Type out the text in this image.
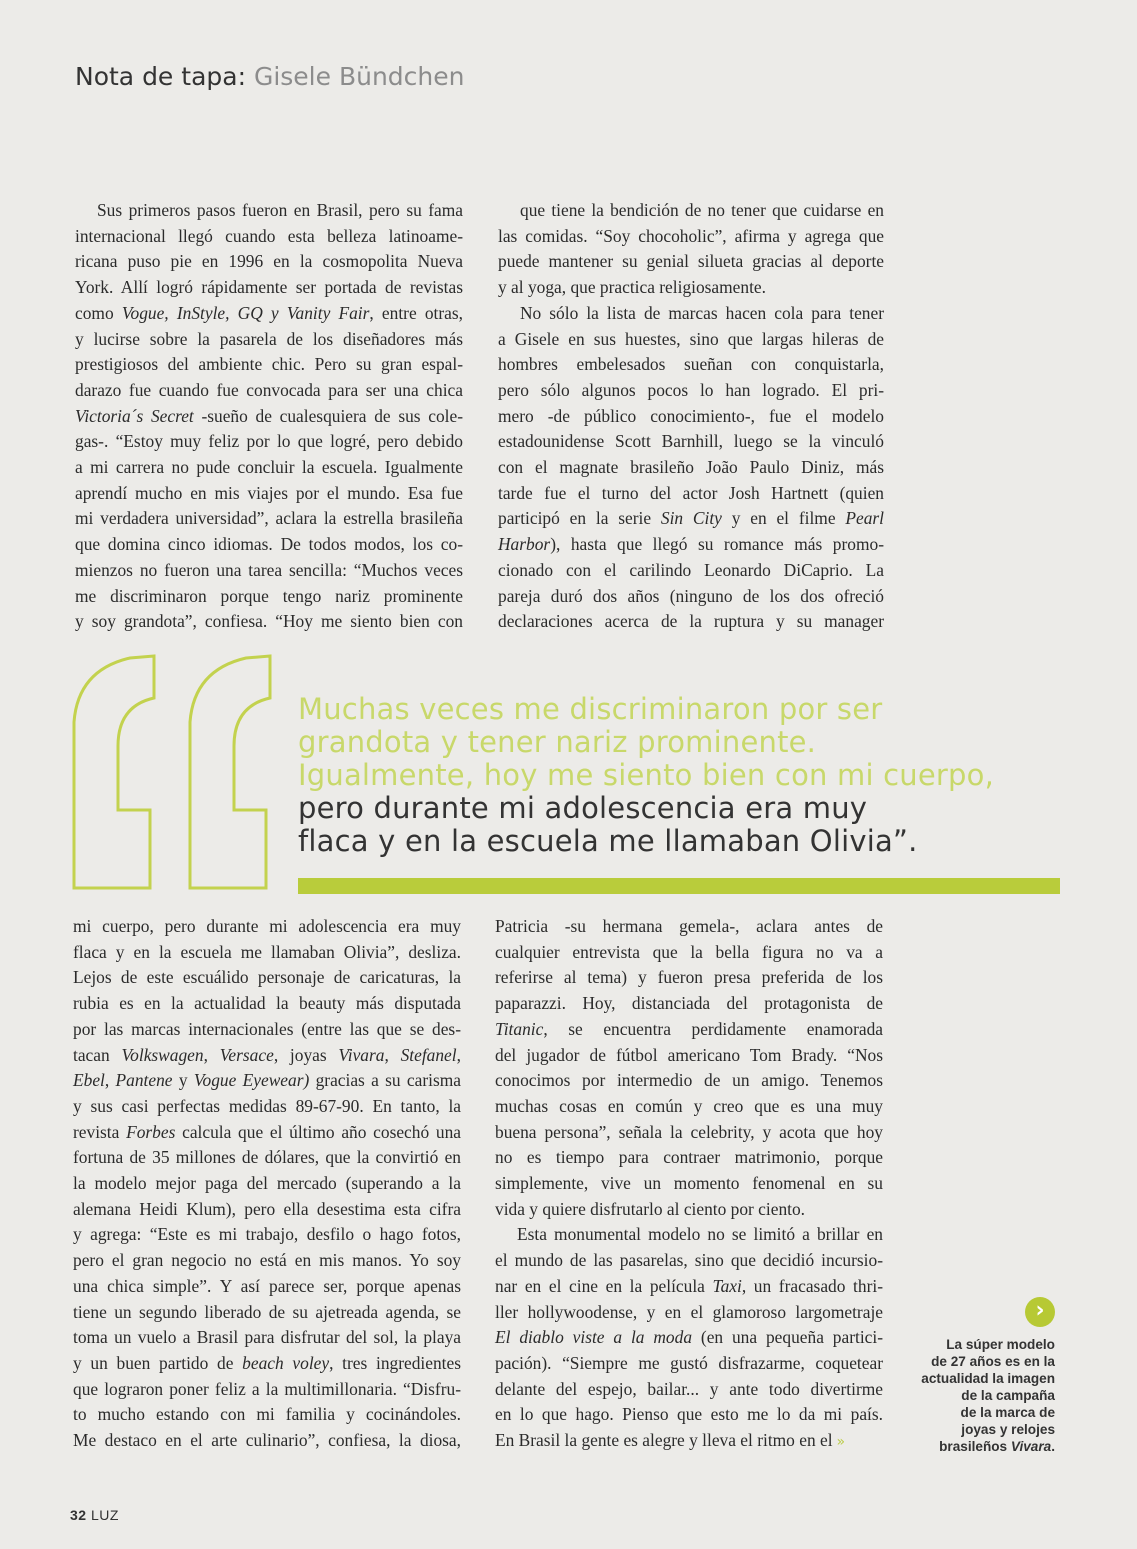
Nota de tapa: Gisele Bündchen
Sus primeros pasos fueron en Brasil, pero su fama
internacional llegó cuando esta belleza latinoame-
ricana puso pie en 1996 en la cosmopolita Nueva
York. Allí logró rápidamente ser portada de revistas
como Vogue, InStyle, GQ y Vanity Fair, entre otras,
y lucirse sobre la pasarela de los diseñadores más
prestigiosos del ambiente chic. Pero su gran espal-
darazo fue cuando fue convocada para ser una chica
Victoria´s Secret -sueño de cualesquiera de sus cole-
gas-. “Estoy muy feliz por lo que logré, pero debido
a mi carrera no pude concluir la escuela. Igualmente
aprendí mucho en mis viajes por el mundo. Esa fue
mi verdadera universidad”, aclara la estrella brasileña
que domina cinco idiomas. De todos modos, los co-
mienzos no fueron una tarea sencilla: “Muchos veces
me discriminaron porque tengo nariz prominente
y soy grandota”, confiesa. “Hoy me siento bien con
que tiene la bendición de no tener que cuidarse en
las comidas. “Soy chocoholic”, afirma y agrega que
puede mantener su genial silueta gracias al deporte
y al yoga, que practica religiosamente.
No sólo la lista de marcas hacen cola para tener
a Gisele en sus huestes, sino que largas hileras de
hombres embelesados sueñan con conquistarla,
pero sólo algunos pocos lo han logrado. El pri-
mero -de público conocimiento-, fue el modelo
estadounidense Scott Barnhill, luego se la vinculó
con el magnate brasileño João Paulo Diniz, más
tarde fue el turno del actor Josh Hartnett (quien
participó en la serie Sin City y en el filme Pearl
Harbor), hasta que llegó su romance más promo-
cionado con el carilindo Leonardo DiCaprio. La
pareja duró dos años (ninguno de los dos ofreció
declaraciones acerca de la ruptura y su manager
Muchas veces me discriminaron por ser
grandota y tener nariz prominente.
Igualmente, hoy me siento bien con mi cuerpo,
pero durante mi adolescencia era muy
flaca y en la escuela me llamaban Olivia”.
mi cuerpo, pero durante mi adolescencia era muy
flaca y en la escuela me llamaban Olivia”, desliza.
Lejos de este escuálido personaje de caricaturas, la
rubia es en la actualidad la beauty más disputada
por las marcas internacionales (entre las que se des-
tacan Volkswagen, Versace, joyas Vivara, Stefanel,
Ebel, Pantene y Vogue Eyewear) gracias a su carisma
y sus casi perfectas medidas 89-67-90. En tanto, la
revista Forbes calcula que el último año cosechó una
fortuna de 35 millones de dólares, que la convirtió en
la modelo mejor paga del mercado (superando a la
alemana Heidi Klum), pero ella desestima esta cifra
y agrega: “Este es mi trabajo, desfilo o hago fotos,
pero el gran negocio no está en mis manos. Yo soy
una chica simple”. Y así parece ser, porque apenas
tiene un segundo liberado de su ajetreada agenda, se
toma un vuelo a Brasil para disfrutar del sol, la playa
y un buen partido de beach voley, tres ingredientes
que lograron poner feliz a la multimillonaria. “Disfru-
to mucho estando con mi familia y cocinándoles.
Me destaco en el arte culinario”, confiesa, la diosa,
Patricia -su hermana gemela-, aclara antes de
cualquier entrevista que la bella figura no va a
referirse al tema) y fueron presa preferida de los
paparazzi. Hoy, distanciada del protagonista de
Titanic, se encuentra perdidamente enamorada
del jugador de fútbol americano Tom Brady. “Nos
conocimos por intermedio de un amigo. Tenemos
muchas cosas en común y creo que es una muy
buena persona”, señala la celebrity, y acota que hoy
no es tiempo para contraer matrimonio, porque
simplemente, vive un momento fenomenal en su
vida y quiere disfrutarlo al ciento por ciento.
Esta monumental modelo no se limitó a brillar en
el mundo de las pasarelas, sino que decidió incursio-
nar en el cine en la película Taxi, un fracasado thri-
ller hollywoodense, y en el glamoroso largometraje
El diablo viste a la moda (en una pequeña partici-
pación). “Siempre me gustó disfrazarme, coquetear
delante del espejo, bailar... y ante todo divertirme
en lo que hago. Pienso que esto me lo da mi país.
En Brasil la gente es alegre y lleva el ritmo en el »
›
La súper modelo
de 27 años es en la
actualidad la imagen
de la campaña
de la marca de
joyas y relojes
brasileños Vivara.
32 LUZ
